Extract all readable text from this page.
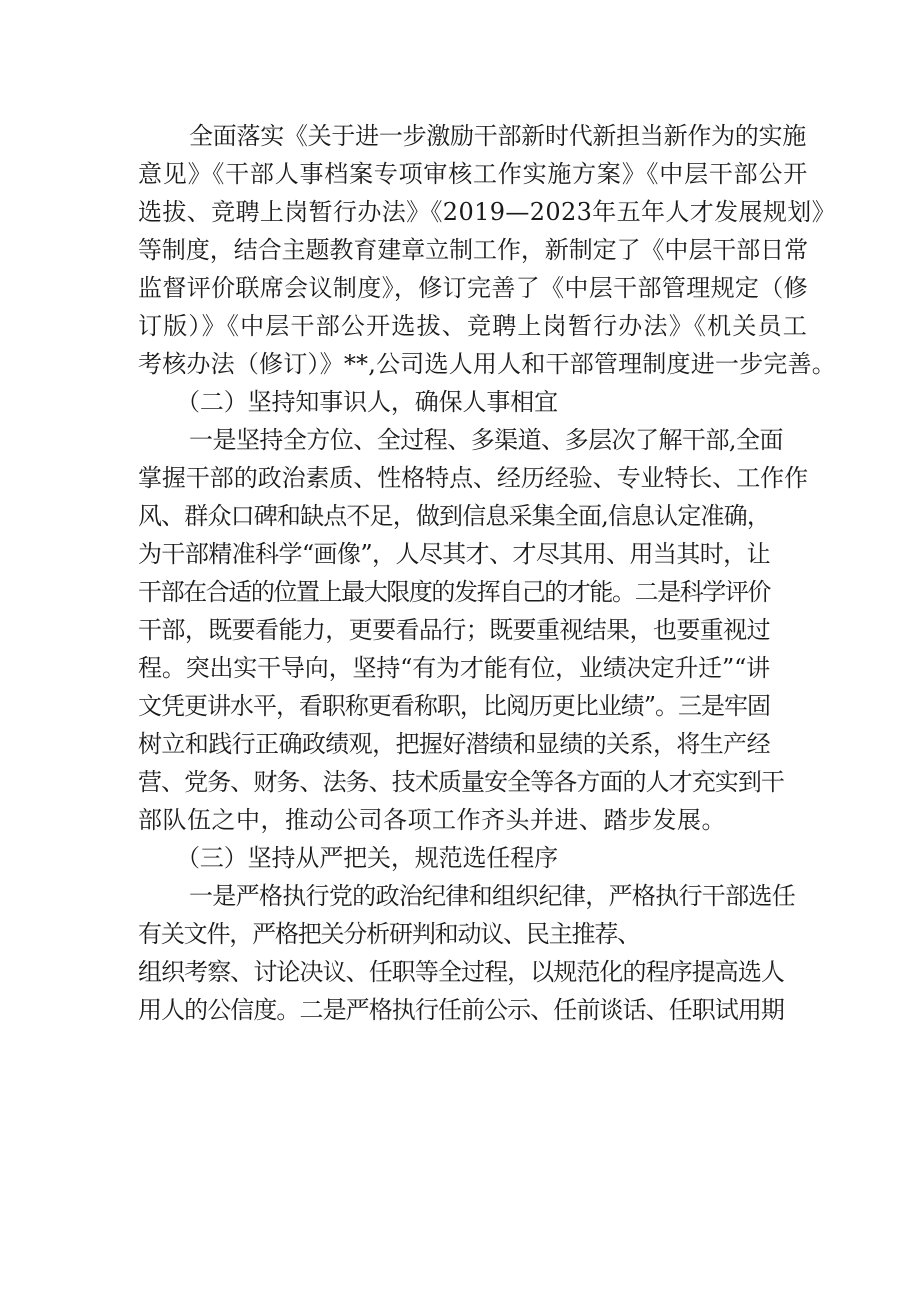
全面落实《关于进一步激励干部新时代新担当新作为的实施
意见》《干部人事档案专项审核工作实施方案》《中层干部公开
选拔、竞聘上岗暂行办法》《2019—2023年五年人才发展规划》
等制度，结合主题教育建章立制工作，新制定了《中层干部日常
监督评价联席会议制度》，修订完善了《中层干部管理规定（修
订版）》《中层干部公开选拔、竞聘上岗暂行办法》《机关员工
考核办法（修订）》**,公司选人用人和干部管理制度进一步完善。
（二）坚持知事识人，确保人事相宜
一是坚持全方位、全过程、多渠道、多层次了解干部,全面
掌握干部的政治素质、性格特点、经历经验、专业特长、工作作
风、群众口碑和缺点不足，做到信息采集全面,信息认定准确，
为干部精准科学“画像”，人尽其才、才尽其用、用当其时，让
干部在合适的位置上最大限度的发挥自己的才能。二是科学评价
干部，既要看能力，更要看品行；既要重视结果，也要重视过
程。突出实干导向，坚持“有为才能有位，业绩决定升迁”“讲
文凭更讲水平，看职称更看称职，比阅历更比业绩”。三是牢固
树立和践行正确政绩观，把握好潜绩和显绩的关系，将生产经
营、党务、财务、法务、技术质量安全等各方面的人才充实到干
部队伍之中，推动公司各项工作齐头并进、踏步发展。
（三）坚持从严把关，规范选任程序
一是严格执行党的政治纪律和组织纪律，严格执行干部选任
有关文件，严格把关分析研判和动议、民主推荐、
组织考察、讨论决议、任职等全过程，以规范化的程序提高选人
用人的公信度。二是严格执行任前公示、任前谈话、任职试用期
